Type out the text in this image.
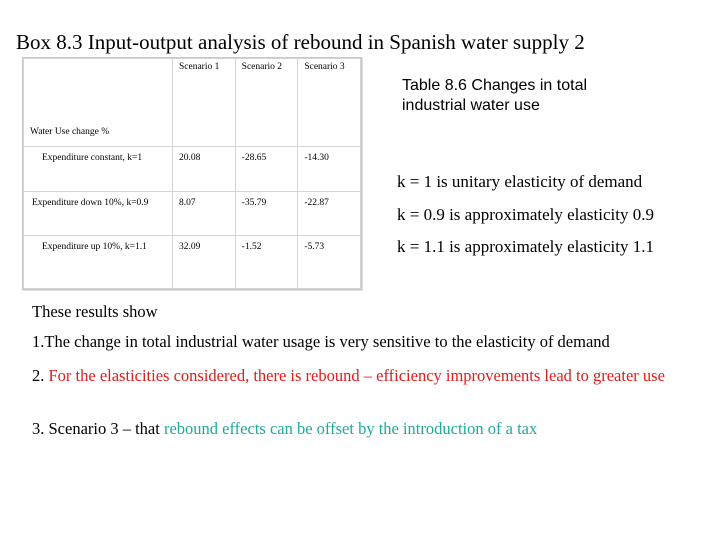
Box 8.3 Input-output analysis of rebound in Spanish water supply 2
Water Use change %	Scenario 1	Scenario 2	Scenario 3
Expenditure constant, k=1	20.08	-28.65	-14.30
Expenditure down 10%, k=0.9	8.07	-35.79	-22.87
Expenditure up 10%, k=1.1	32.09	-1.52	-5.73
Table 8.6 Changes in total industrial water use
k = 1 is unitary elasticity of demand
k = 0.9 is approximately elasticity 0.9
k = 1.1 is approximately elasticity 1.1
These results show
1.The change in total industrial water usage is very sensitive to the elasticity of demand
2. For the elasticities considered, there is rebound – efficiency improvements lead to greater use
3. Scenario 3 – that rebound effects can be offset by the introduction of a tax
